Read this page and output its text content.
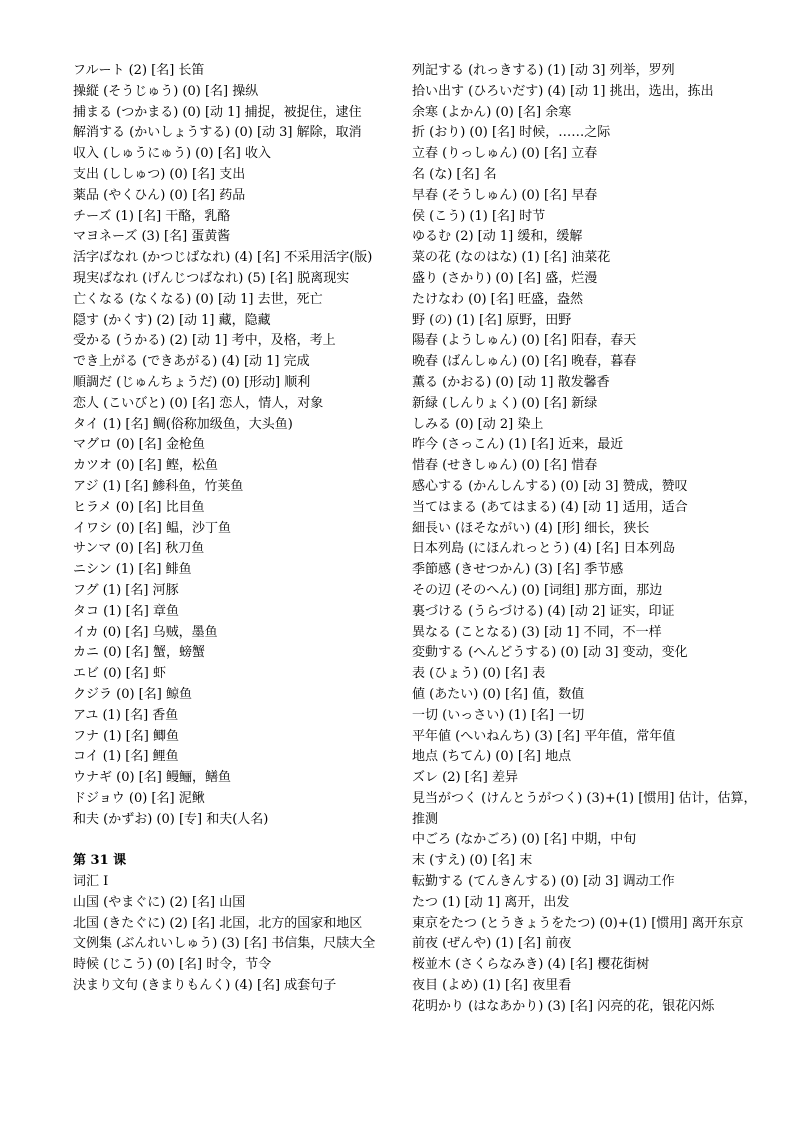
フルート (2) [名] 长笛
操縦 (そうじゅう) (0) [名] 操纵
捕まる (つかまる) (0) [动 1] 捕捉，被捉住，逮住
解消する (かいしょうする) (0) [动 3] 解除，取消
収入 (しゅうにゅう) (0) [名] 收入
支出 (ししゅつ) (0) [名] 支出
薬品 (やくひん) (0) [名] 药品
チーズ (1) [名] 干酪，乳酪
マヨネーズ (3) [名] 蛋黄酱
活字ばなれ (かつじばなれ) (4) [名] 不采用活字(版)
現実ばなれ (げんじつばなれ) (5) [名] 脱离现实
亡くなる (なくなる) (0) [动 1] 去世，死亡
隠す (かくす) (2) [动 1] 藏，隐藏
受かる (うかる) (2) [动 1] 考中，及格，考上
でき上がる (できあがる) (4) [动 1] 完成
順調だ (じゅんちょうだ) (0) [形动] 顺利
恋人 (こいびと) (0) [名] 恋人，情人，对象
タイ (1) [名] 鲷(俗称加级鱼，大头鱼)
マグロ (0) [名] 金枪鱼
カツオ (0) [名] 鲣，松鱼
アジ (1) [名] 鯵科鱼，竹荚鱼
ヒラメ (0) [名] 比目鱼
イワシ (0) [名] 鳁，沙丁鱼
サンマ (0) [名] 秋刀鱼
ニシン (1) [名] 鲱鱼
フグ (1) [名] 河豚
タコ (1) [名] 章鱼
イカ (0) [名] 乌贼，墨鱼
カニ (0) [名] 蟹，螃蟹
エビ (0) [名] 虾
クジラ (0) [名] 鲸鱼
アユ (1) [名] 香鱼
フナ (1) [名] 鲫鱼
コイ (1) [名] 鲤鱼
ウナギ (0) [名] 鳗鲡，鳝鱼
ドジョウ (0) [名] 泥鳅
和夫 (かずお) (0) [专] 和夫(人名)
第 31 课
词汇 I
山国 (やまぐに) (2) [名] 山国
北国 (きたぐに) (2) [名] 北国，北方的国家和地区
文例集 (ぶんれいしゅう) (3) [名] 书信集，尺牍大全
時候 (じこう) (0) [名] 时令，节令
決まり文句 (きまりもんく) (4) [名] 成套句子
列記する (れっきする) (1) [动 3] 列举，罗列
拾い出す (ひろいだす) (4) [动 1] 挑出，选出，拣出
余寒 (よかん) (0) [名] 余寒
折 (おり) (0) [名] 时候，……之际
立春 (りっしゅん) (0) [名] 立春
名 (な) [名] 名
早春 (そうしゅん) (0) [名] 早春
侯 (こう) (1) [名] 时节
ゆるむ (2) [动 1] 缓和，缓解
菜の花 (なのはな) (1) [名] 油菜花
盛り (さかり) (0) [名] 盛，烂漫
たけなわ (0) [名] 旺盛，盎然
野 (の) (1) [名] 原野，田野
陽春 (ようしゅん) (0) [名] 阳春，春天
晩春 (ばんしゅん) (0) [名] 晚春，暮春
薫る (かおる) (0) [动 1] 散发馨香
新緑 (しんりょく) (0) [名] 新绿
しみる (0) [动 2] 染上
昨今 (さっこん) (1) [名] 近来，最近
惜春 (せきしゅん) (0) [名] 惜春
感心する (かんしんする) (0) [动 3] 赞成，赞叹
当てはまる (あてはまる) (4) [动 1] 适用，适合
細長い (ほそながい) (4) [形] 细长，狭长
日本列島 (にほんれっとう) (4) [名] 日本列岛
季節感 (きせつかん) (3) [名] 季节感
その辺 (そのへん) (0) [词组] 那方面，那边
裏づける (うらづける) (4) [动 2] 证实，印证
異なる (ことなる) (3) [动 1] 不同，不一样
変動する (へんどうする) (0) [动 3] 变动，变化
表 (ひょう) (0) [名] 表
値 (あたい) (0) [名] 值，数值
一切 (いっさい) (1) [名] 一切
平年値 (へいねんち) (3) [名] 平年值，常年值
地点 (ちてん) (0) [名] 地点
ズレ (2) [名] 差异
見当がつく (けんとうがつく) (3)+(1) [惯用] 估计，估算，推测
中ごろ (なかごろ) (0) [名] 中期，中旬
末 (すえ) (0) [名] 末
転勤する (てんきんする) (0) [动 3] 调动工作
たつ (1) [动 1] 离开，出发
東京をたつ (とうきょうをたつ) (0)+(1) [惯用] 离开东京
前夜 (ぜんや) (1) [名] 前夜
桜並木 (さくらなみき) (4) [名] 樱花街树
夜目 (よめ) (1) [名] 夜里看
花明かり (はなあかり) (3) [名] 闪亮的花，银花闪烁
